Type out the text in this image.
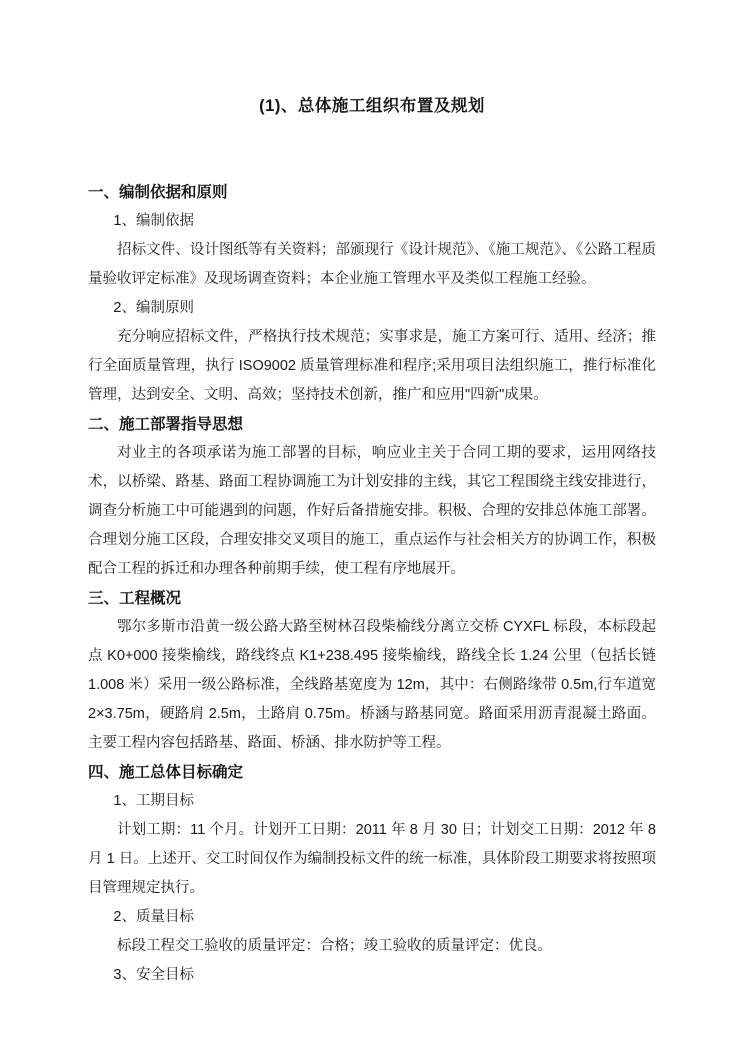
(1)、总体施工组织布置及规划
一、编制依据和原则

1、编制依据

招标文件、设计图纸等有关资料；部颁现行《设计规范》、《施工规范》、《公路工程质量验收评定标准》及现场调查资料；本企业施工管理水平及类似工程施工经验。

2、编制原则

充分响应招标文件，严格执行技术规范；实事求是，施工方案可行、适用、经济；推行全面质量管理，执行 ISO9002 质量管理标准和程序;采用项目法组织施工，推行标准化管理，达到安全、文明、高效；坚持技术创新，推广和应用"四新"成果。

二、施工部署指导思想

对业主的各项承诺为施工部署的目标，响应业主关于合同工期的要求，运用网络技术，以桥梁、路基、路面工程协调施工为计划安排的主线，其它工程围绕主线安排进行，调查分析施工中可能遇到的问题，作好后备措施安排。积极、合理的安排总体施工部署。合理划分施工区段，合理安排交叉项目的施工，重点运作与社会相关方的协调工作，积极配合工程的拆迁和办理各种前期手续，使工程有序地展开。

三、工程概况

鄂尔多斯市沿黄一级公路大路至树林召段柴榆线分离立交桥 CYXFL 标段，本标段起点 K0+000 接柴榆线，路线终点 K1+238.495 接柴榆线，路线全长 1.24 公里（包括长链 1.008 米）采用一级公路标准，全线路基宽度为 12m，其中：右侧路缘带 0.5m,行车道宽 2×3.75m，硬路肩 2.5m，土路肩 0.75m。桥涵与路基同宽。路面采用沥青混凝土路面。主要工程内容包括路基、路面、桥涵、排水防护等工程。

四、施工总体目标确定

1、工期目标

计划工期：11 个月。计划开工日期：2011 年 8 月 30 日；计划交工日期：2012 年 8 月 1 日。上述开、交工时间仅作为编制投标文件的统一标准，具体阶段工期要求将按照项目管理规定执行。

2、质量目标

标段工程交工验收的质量评定：合格；竣工验收的质量评定：优良。

3、安全目标
